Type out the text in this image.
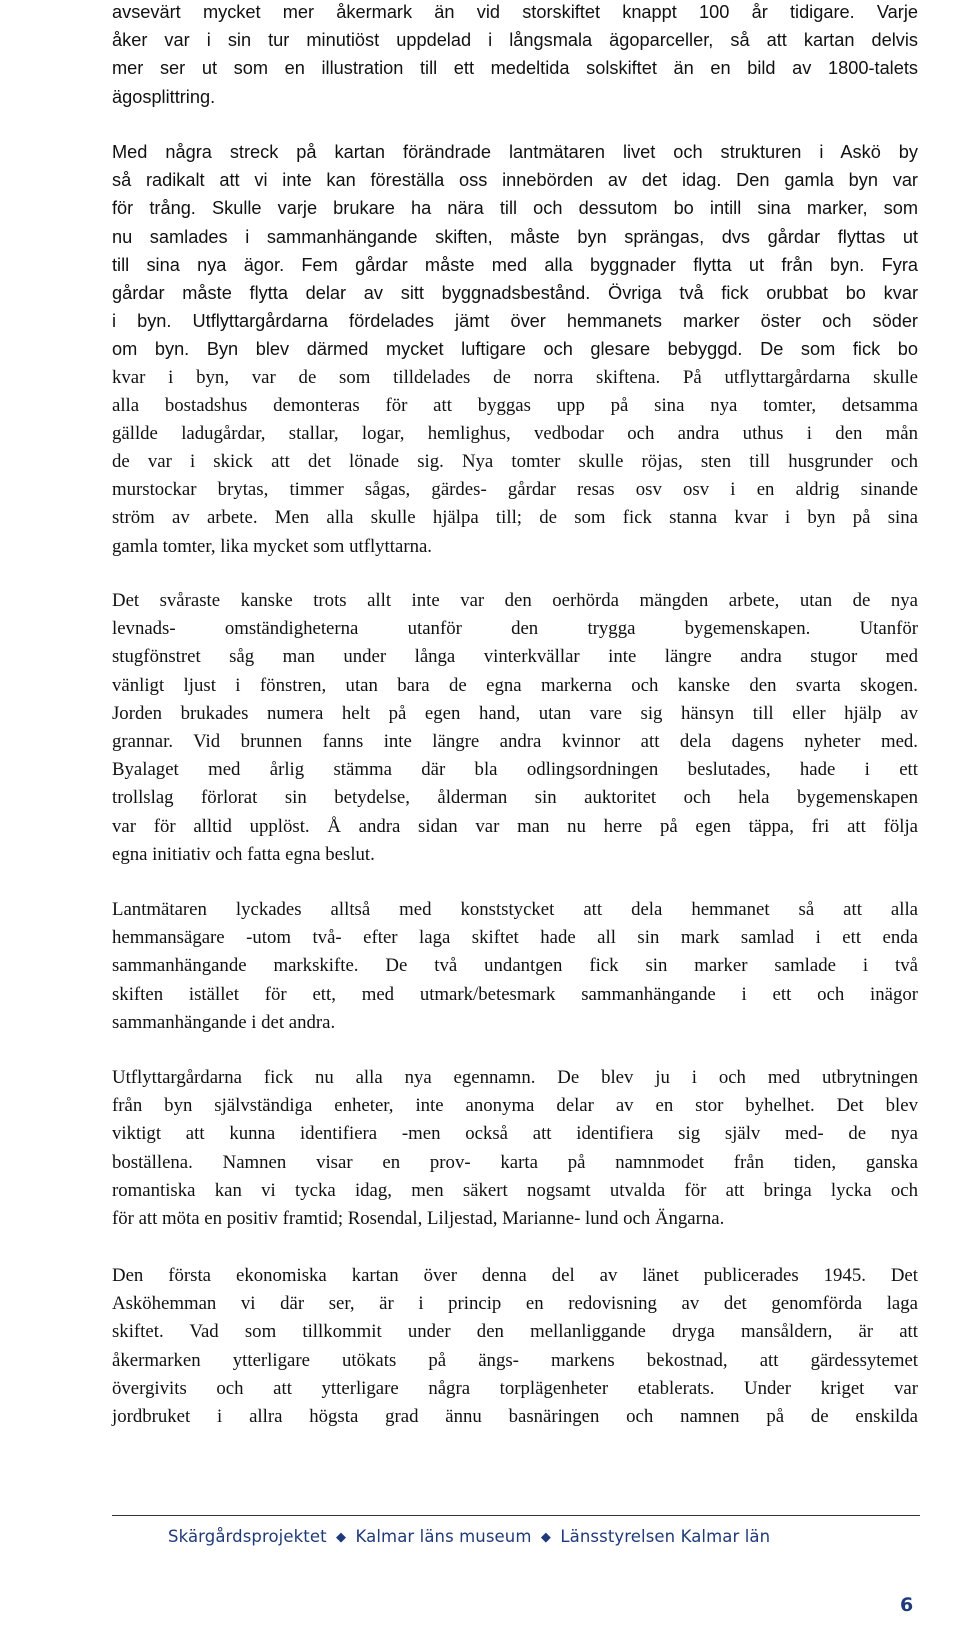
avsevärt mycket mer åkermark än vid storskiftet knappt 100 år tidigare. Varje
åker var i sin tur minutiöst uppdelad i långsmala ägoparceller, så att kartan delvis
mer ser ut som en illustration till ett medeltida solskiftet än en bild av 1800-talets
ägosplittring.
Med några streck på kartan förändrade lantmätaren livet och strukturen i Askö by
så radikalt att vi inte kan föreställa oss innebörden av det idag. Den gamla byn var
för trång. Skulle varje brukare ha nära till och dessutom bo intill sina marker, som
nu samlades i sammanhängande skiften, måste byn sprängas, dvs gårdar flyttas ut
till sina nya ägor. Fem gårdar måste med alla byggnader flytta ut från byn. Fyra
gårdar måste flytta delar av sitt byggnadsbestånd. Övriga två fick orubbat bo kvar
i byn. Utflyttargårdarna fördelades jämt över hemmanets marker öster och söder
om byn. Byn blev därmed mycket luftigare och glesare bebyggd. De som fick bo
kvar i byn, var de som tilldelades de norra skiftena. På utflyttargårdarna skulle
alla bostadshus demonteras för att byggas upp på sina nya tomter, detsamma
gällde ladugårdar, stallar, logar, hemlighus, vedbodar och andra uthus i den mån
de var i skick att det lönade sig. Nya tomter skulle röjas, sten till husgrunder och
murstockar brytas, timmer sågas, gärdes- gårdar resas osv osv i en aldrig sinande
ström av arbete. Men alla skulle hjälpa till; de som fick stanna kvar i byn på sina
gamla tomter, lika mycket som utflyttarna.
Det svåraste kanske trots allt inte var den oerhörda mängden arbete, utan de nya
levnads- omständigheterna utanför den trygga bygemenskapen. Utanför
stugfönstret såg man under långa vinterkvällar inte längre andra stugor med
vänligt ljust i fönstren, utan bara de egna markerna och kanske den svarta skogen.
Jorden brukades numera helt på egen hand, utan vare sig hänsyn till eller hjälp av
grannar. Vid brunnen fanns inte längre andra kvinnor att dela dagens nyheter med.
Byalaget med årlig stämma där bla odlingsordningen beslutades, hade i ett
trollslag förlorat sin betydelse, ålderman sin auktoritet och hela bygemenskapen
var för alltid upplöst. Å andra sidan var man nu herre på egen täppa, fri att följa
egna initiativ och fatta egna beslut.
Lantmätaren lyckades alltså med konststycket att dela hemmanet så att alla
hemmansägare -utom två- efter laga skiftet hade all sin mark samlad i ett enda
sammanhängande markskifte. De två undantgen fick sin marker samlade i två
skiften istället för ett, med utmark/betesmark sammanhängande i ett och inägor
sammanhängande i det andra.
Utflyttargårdarna fick nu alla nya egennamn. De blev ju i och med utbrytningen
från byn självständiga enheter, inte anonyma delar av en stor byhelhet. Det blev
viktigt att kunna identifiera -men också att identifiera sig själv med- de nya
boställena. Namnen visar en prov- karta på namnmodet från tiden, ganska
romantiska kan vi tycka idag, men säkert nogsamt utvalda för att bringa lycka och
för att möta en positiv framtid; Rosendal, Liljestad, Marianne- lund och Ängarna.
Den första ekonomiska kartan över denna del av länet publicerades 1945. Det
Asköhemman vi där ser, är i princip en redovisning av det genomförda laga
skiftet. Vad som tillkommit under den mellanliggande dryga mansåldern, är att
åkermarken ytterligare utökats på ängs- markens bekostnad, att gärdessytemet
övergivits och att ytterligare några torplägenheter etablerats. Under kriget var
jordbruket i allra högsta grad ännu basnäringen och namnen på de enskilda
Skärgårdsprojektet ◆ Kalmar läns museum ◆ Länsstyrelsen Kalmar län
6
